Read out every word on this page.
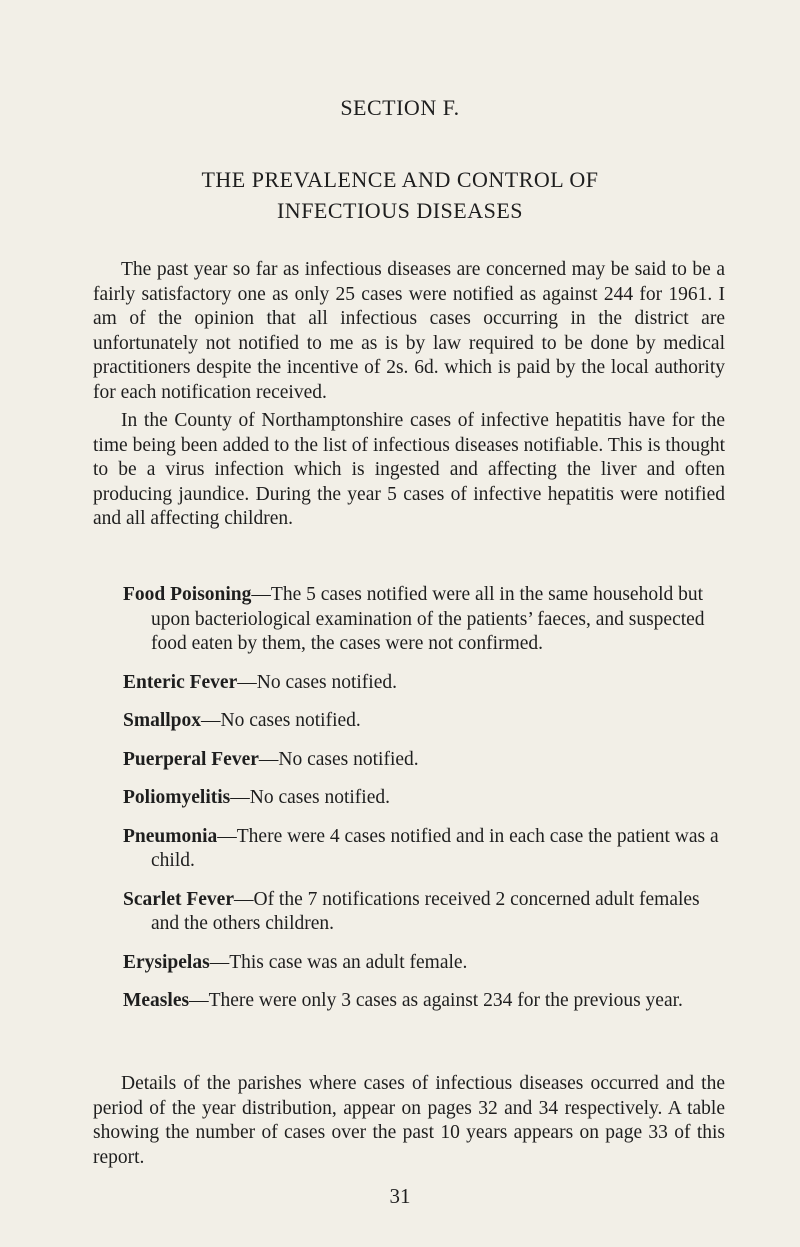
SECTION F.
THE PREVALENCE AND CONTROL OF
INFECTIOUS DISEASES

The past year so far as infectious diseases are concerned may be said to be a fairly satisfactory one as only 25 cases were notified as against 244 for 1961. I am of the opinion that all infectious cases occurring in the district are unfortunately not notified to me as is by law required to be done by medical practitioners despite the incentive of 2s. 6d. which is paid by the local authority for each notification received.

In the County of Northamptonshire cases of infective hepatitis have for the time being been added to the list of infectious diseases notifiable. This is thought to be a virus infection which is ingested and affecting the liver and often producing jaundice. During the year 5 cases of infective hepatitis were notified and all affecting children.

Food Poisoning—The 5 cases notified were all in the same household but upon bacteriological examination of the patients’ faeces, and suspected food eaten by them, the cases were not confirmed.

Enteric Fever—No cases notified.

Smallpox—No cases notified.

Puerperal Fever—No cases notified.

Poliomyelitis—No cases notified.

Pneumonia—There were 4 cases notified and in each case the patient was a child.

Scarlet Fever—Of the 7 notifications received 2 concerned adult females and the others children.

Erysipelas—This case was an adult female.

Measles—There were only 3 cases as against 234 for the previous year.

Details of the parishes where cases of infectious diseases occurred and the period of the year distribution, appear on pages 32 and 34 respectively. A table showing the number of cases over the past 10 years appears on page 33 of this report.

31
